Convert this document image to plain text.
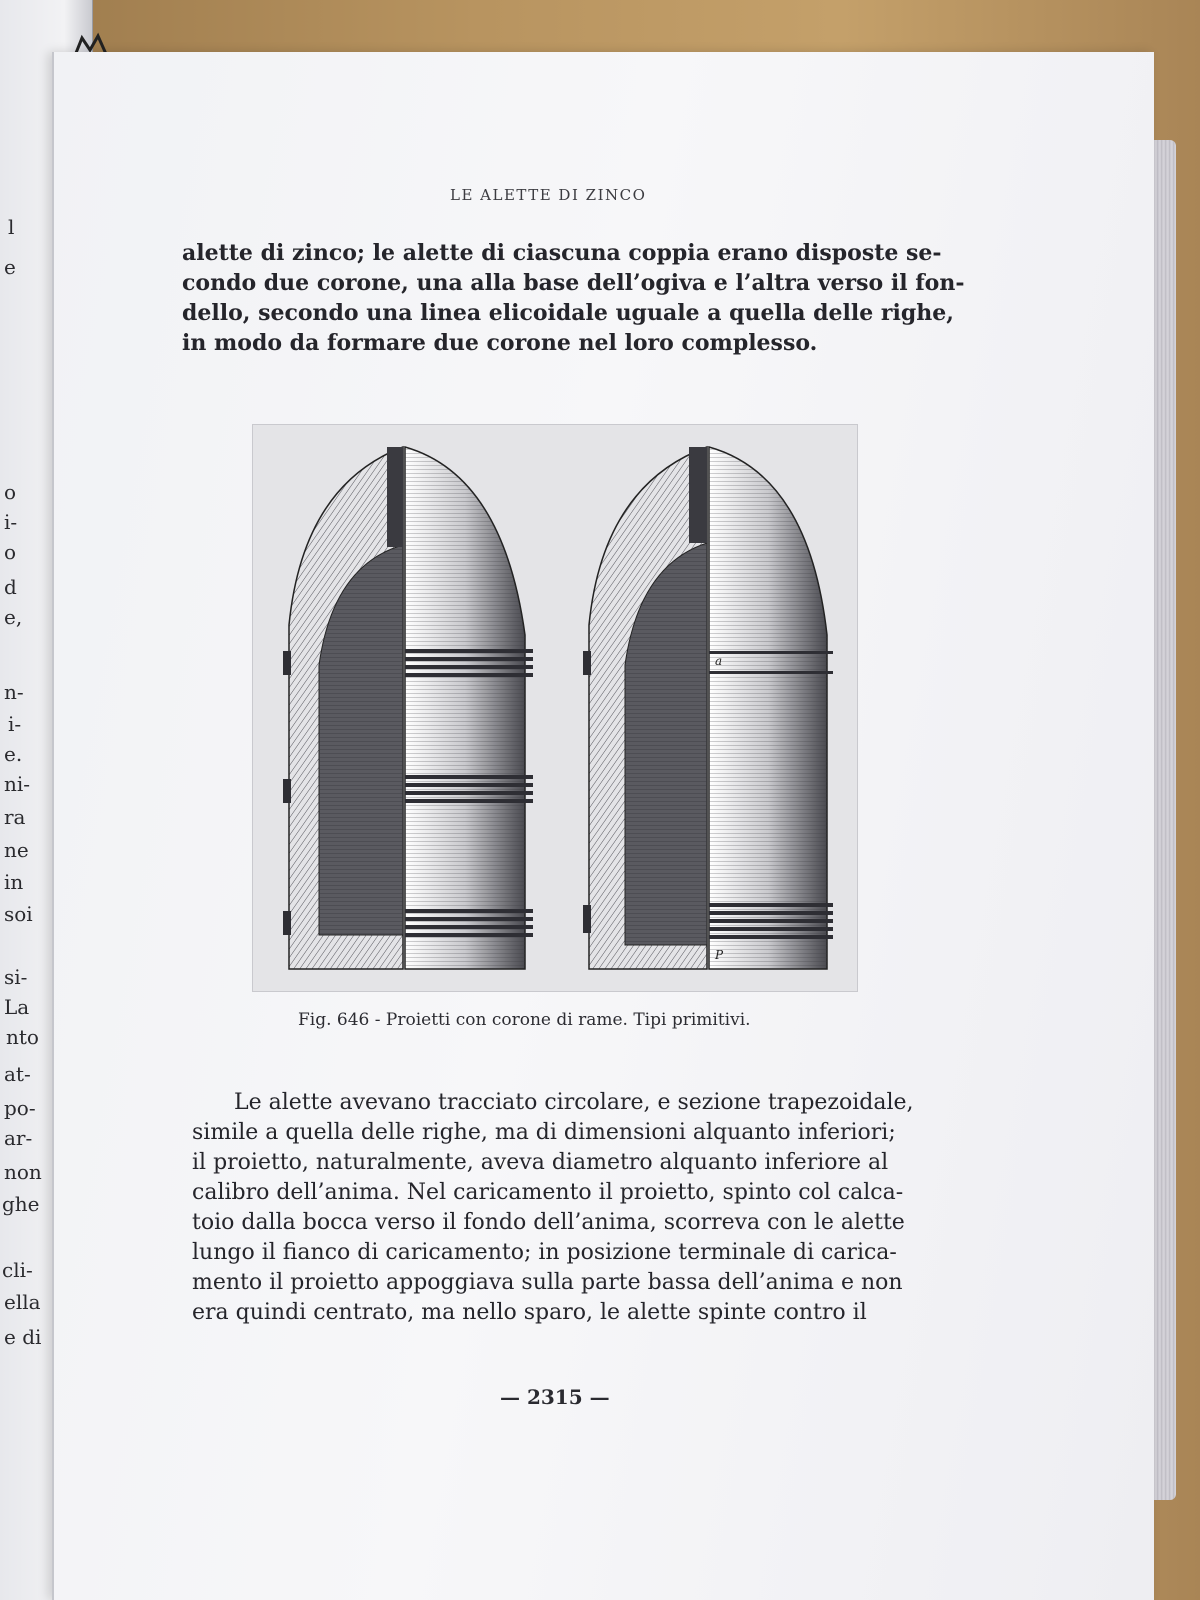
l
e
o
i-
o
d
e,
n-
i-
e.
ni-
ra
ne
in
soi
si-
La
nto
at-
po-
ar-
non
ghe
cli-
ella
e di
LE ALETTE DI ZINCO
alette di zinco; le alette di ciascuna coppia erano disposte se-
condo due corone, una alla base dell’ogiva e l’altra verso il fon-
dello, secondo una linea elicoidale uguale a quella delle righe,
in modo da formare due corone nel loro complesso.
a
P
Fig. 646 - Proietti con corone di rame. Tipi primitivi.
Le alette avevano tracciato circolare, e sezione trapezoidale,
simile a quella delle righe, ma di dimensioni alquanto inferiori;
il proietto, naturalmente, aveva diametro alquanto inferiore al
calibro dell’anima. Nel caricamento il proietto, spinto col calca-
toio dalla bocca verso il fondo dell’anima, scorreva con le alette
lungo il fianco di caricamento; in posizione terminale di carica-
mento il proietto appoggiava sulla parte bassa dell’anima e non
era quindi centrato, ma nello sparo, le alette spinte contro il
— 2315 —
